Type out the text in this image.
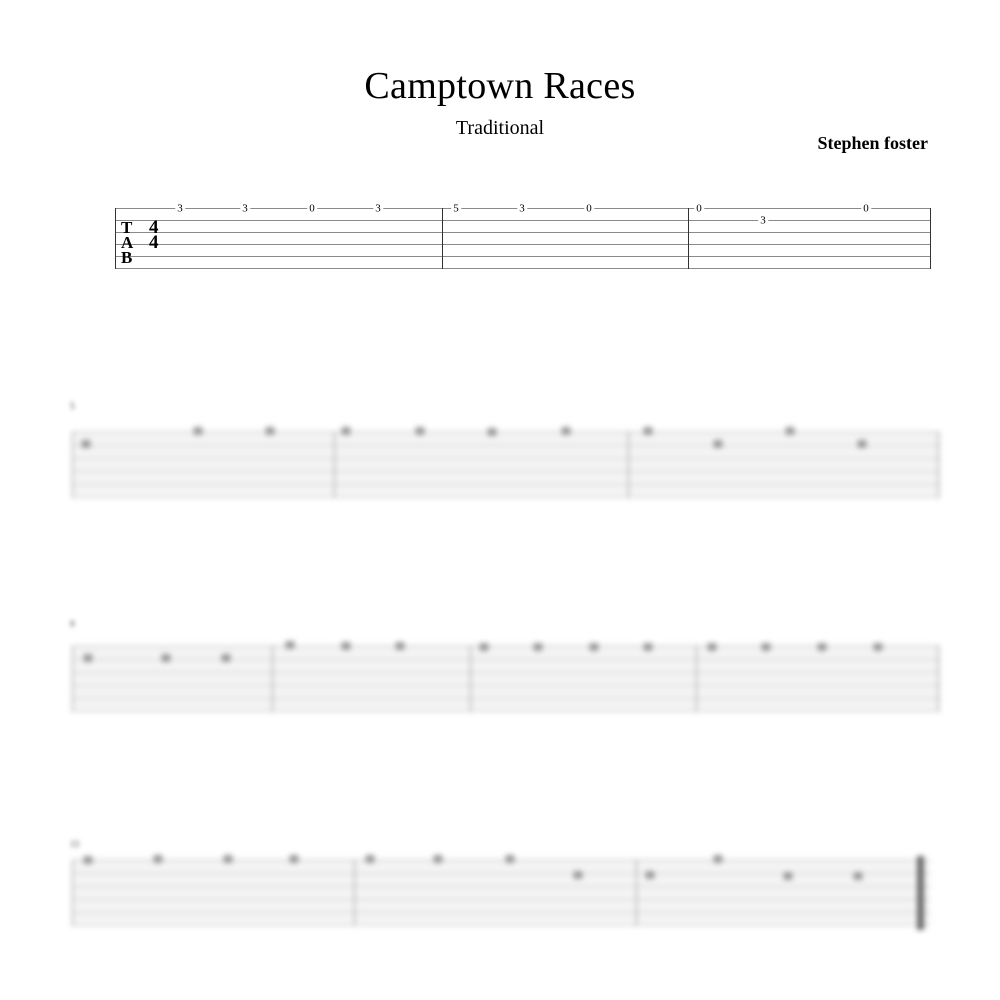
Camptown Races
Traditional
Stephen foster
T
A
B
4
4
3	3	0	3	5	3	0	0
3
0
5
9
13
